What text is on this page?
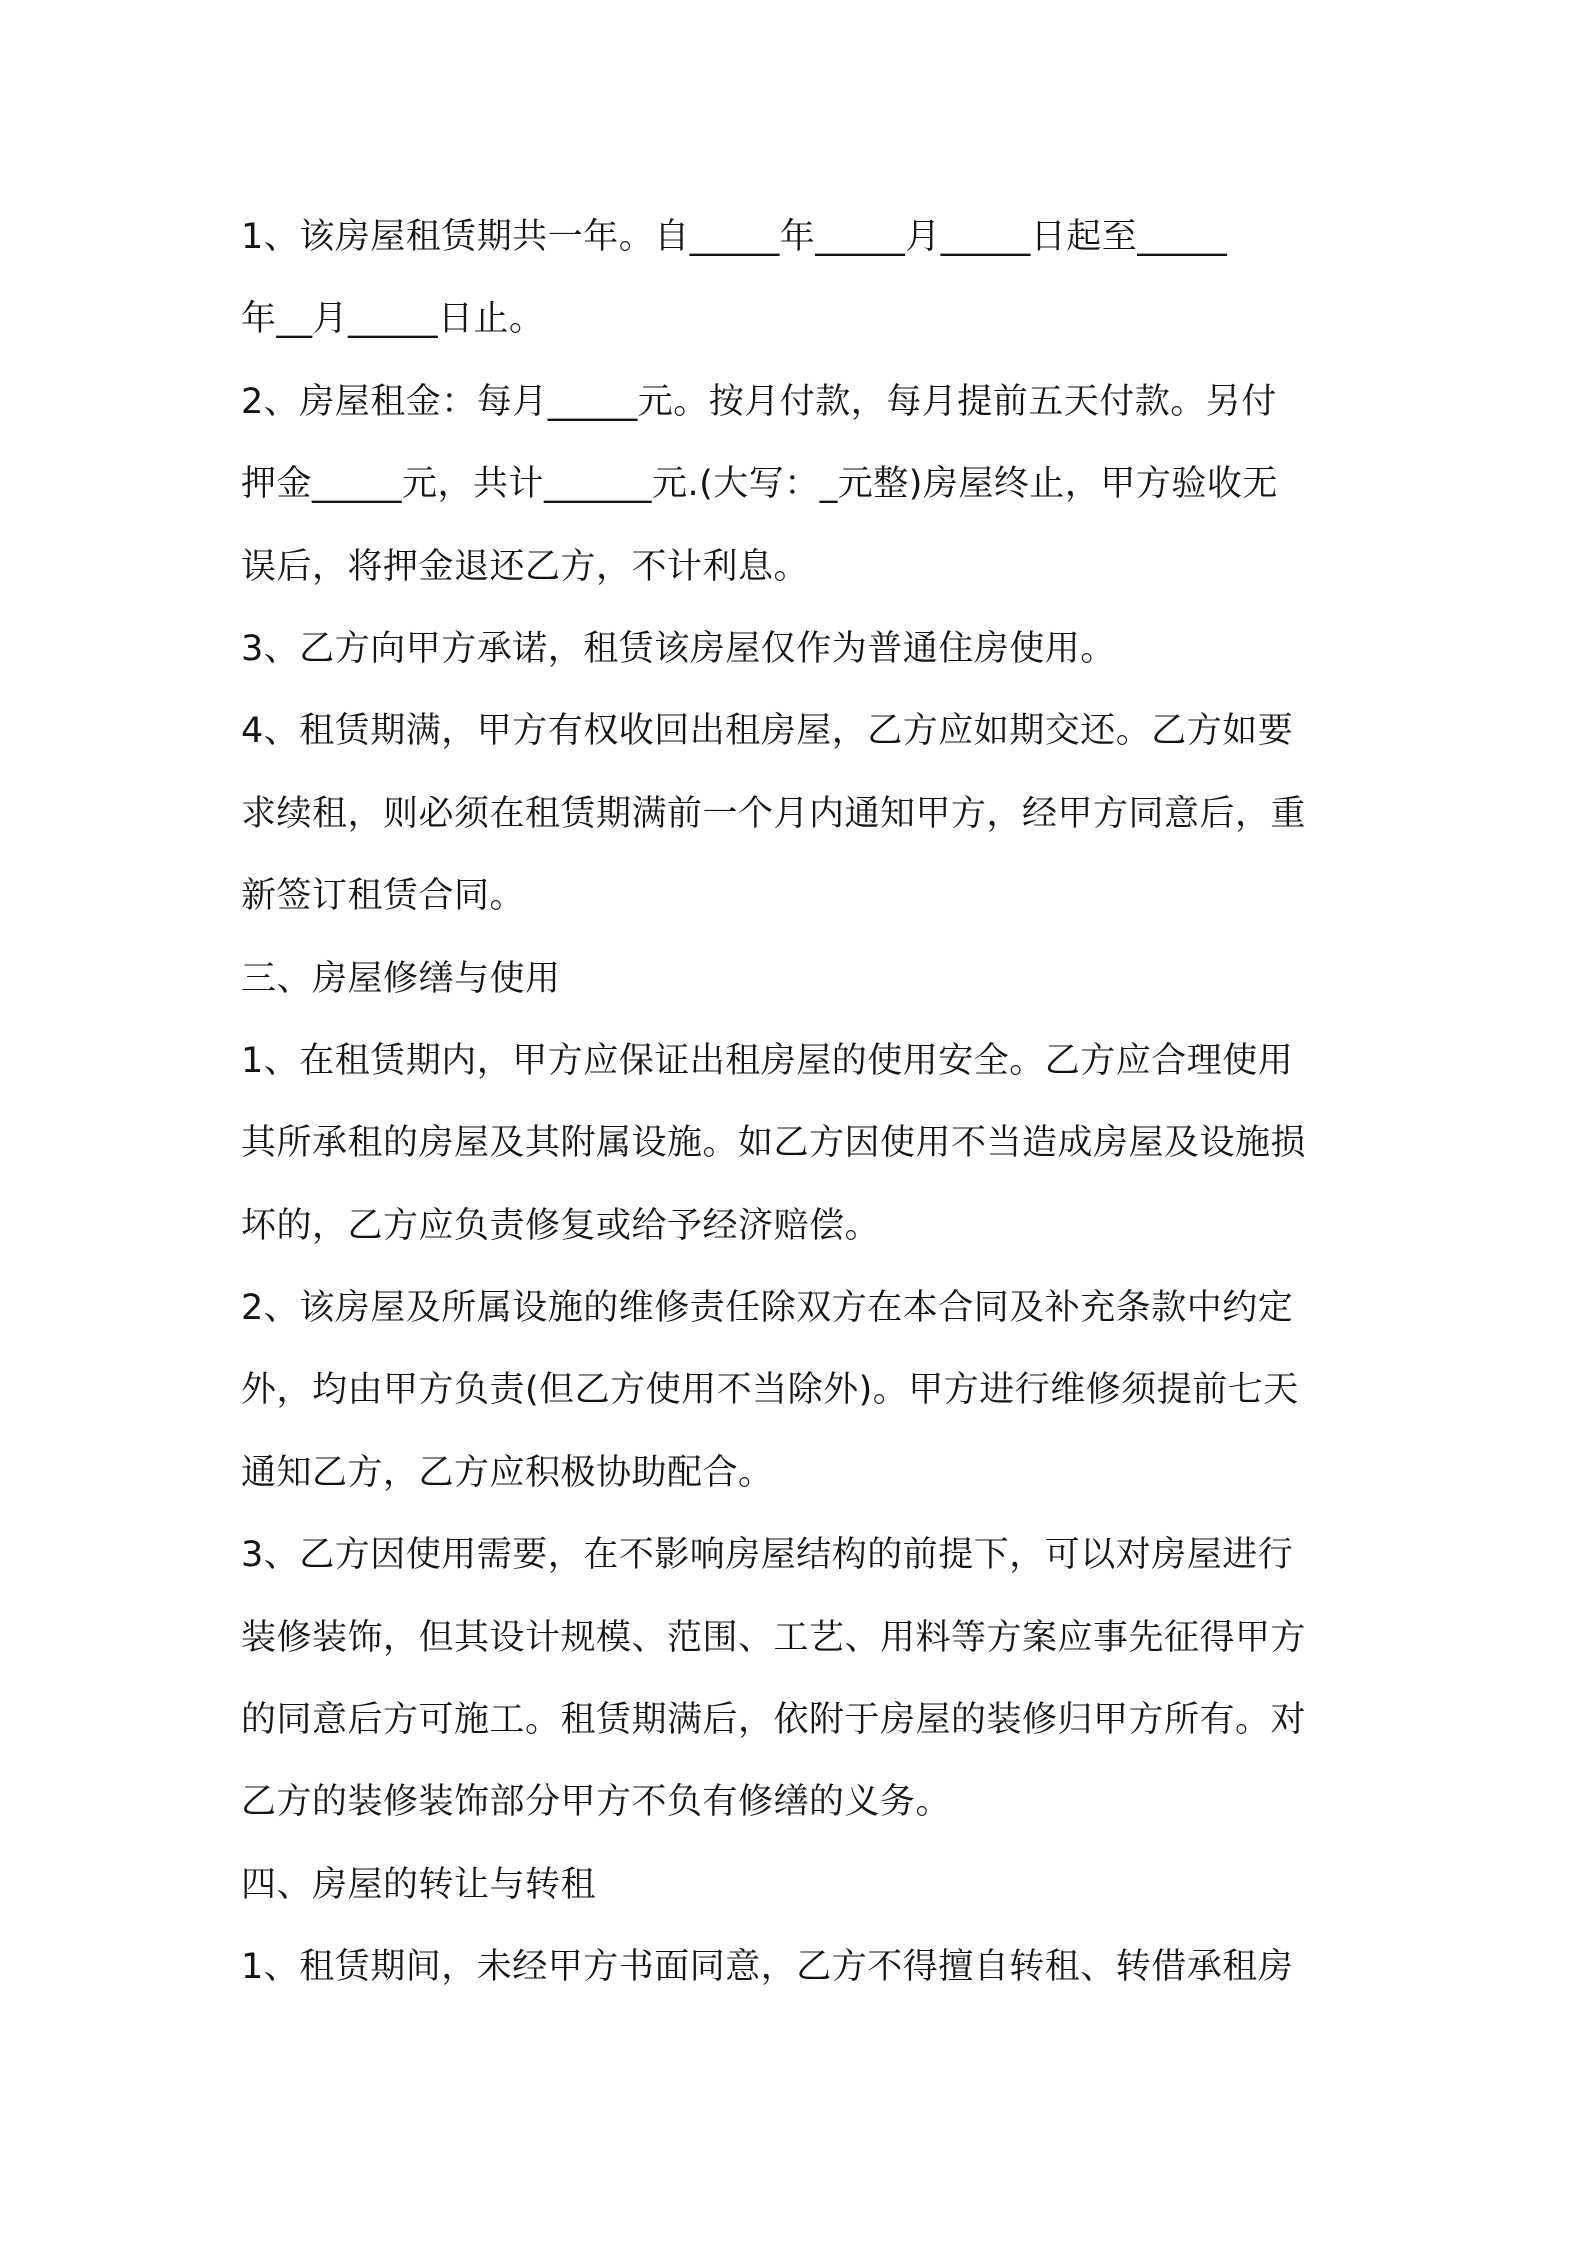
1、该房屋租赁期共一年。自_____年_____月_____日起至_____
年__月_____日止。
2、房屋租金：每月_____元。按月付款，每月提前五天付款。另付
押金_____元，共计______元.(大写：_元整)房屋终止，甲方验收无
误后，将押金退还乙方，不计利息。
3、乙方向甲方承诺，租赁该房屋仅作为普通住房使用。
4、租赁期满，甲方有权收回出租房屋，乙方应如期交还。乙方如要
求续租，则必须在租赁期满前一个月内通知甲方，经甲方同意后，重
新签订租赁合同。
三、房屋修缮与使用
1、在租赁期内，甲方应保证出租房屋的使用安全。乙方应合理使用
其所承租的房屋及其附属设施。如乙方因使用不当造成房屋及设施损
坏的，乙方应负责修复或给予经济赔偿。
2、该房屋及所属设施的维修责任除双方在本合同及补充条款中约定
外，均由甲方负责(但乙方使用不当除外)。甲方进行维修须提前七天
通知乙方，乙方应积极协助配合。
3、乙方因使用需要，在不影响房屋结构的前提下，可以对房屋进行
装修装饰，但其设计规模、范围、工艺、用料等方案应事先征得甲方
的同意后方可施工。租赁期满后，依附于房屋的装修归甲方所有。对
乙方的装修装饰部分甲方不负有修缮的义务。
四、房屋的转让与转租
1、租赁期间，未经甲方书面同意，乙方不得擅自转租、转借承租房
